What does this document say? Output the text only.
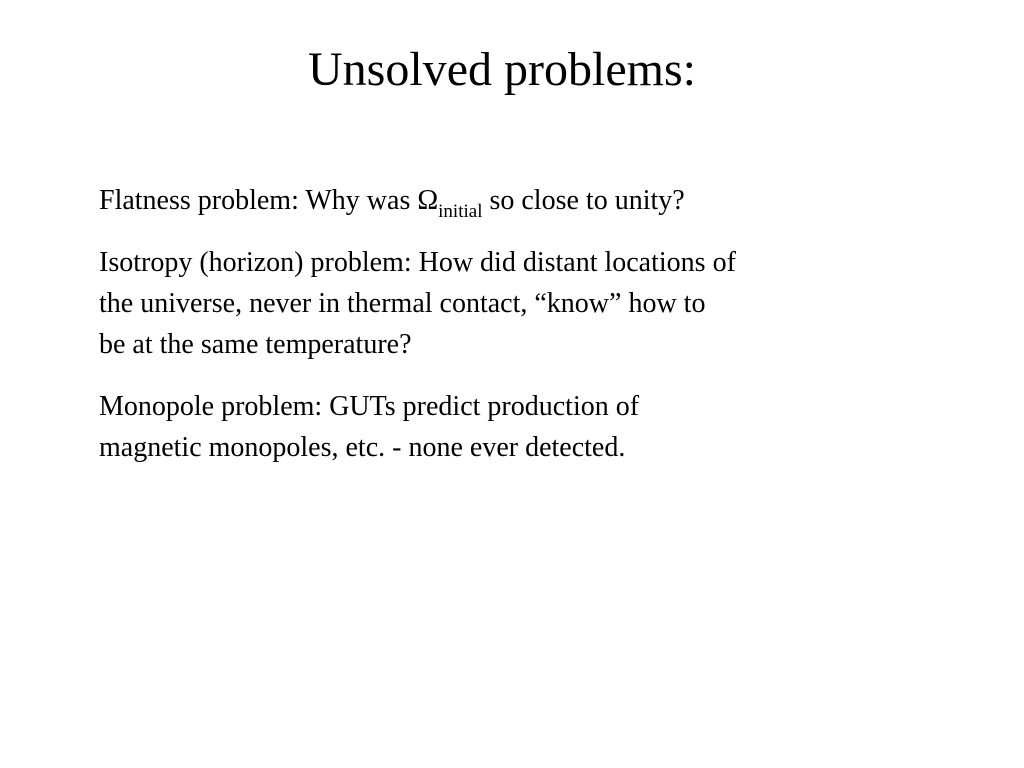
Unsolved problems:

Flatness problem: Why was $\Omega_{initial}$ so close to unity?

Isotropy (horizon) problem: How did distant locations of
the universe, never in thermal contact, “know” how to
be at the same temperature?

Monopole problem: GUTs predict production of
magnetic monopoles, etc. - none ever detected.
